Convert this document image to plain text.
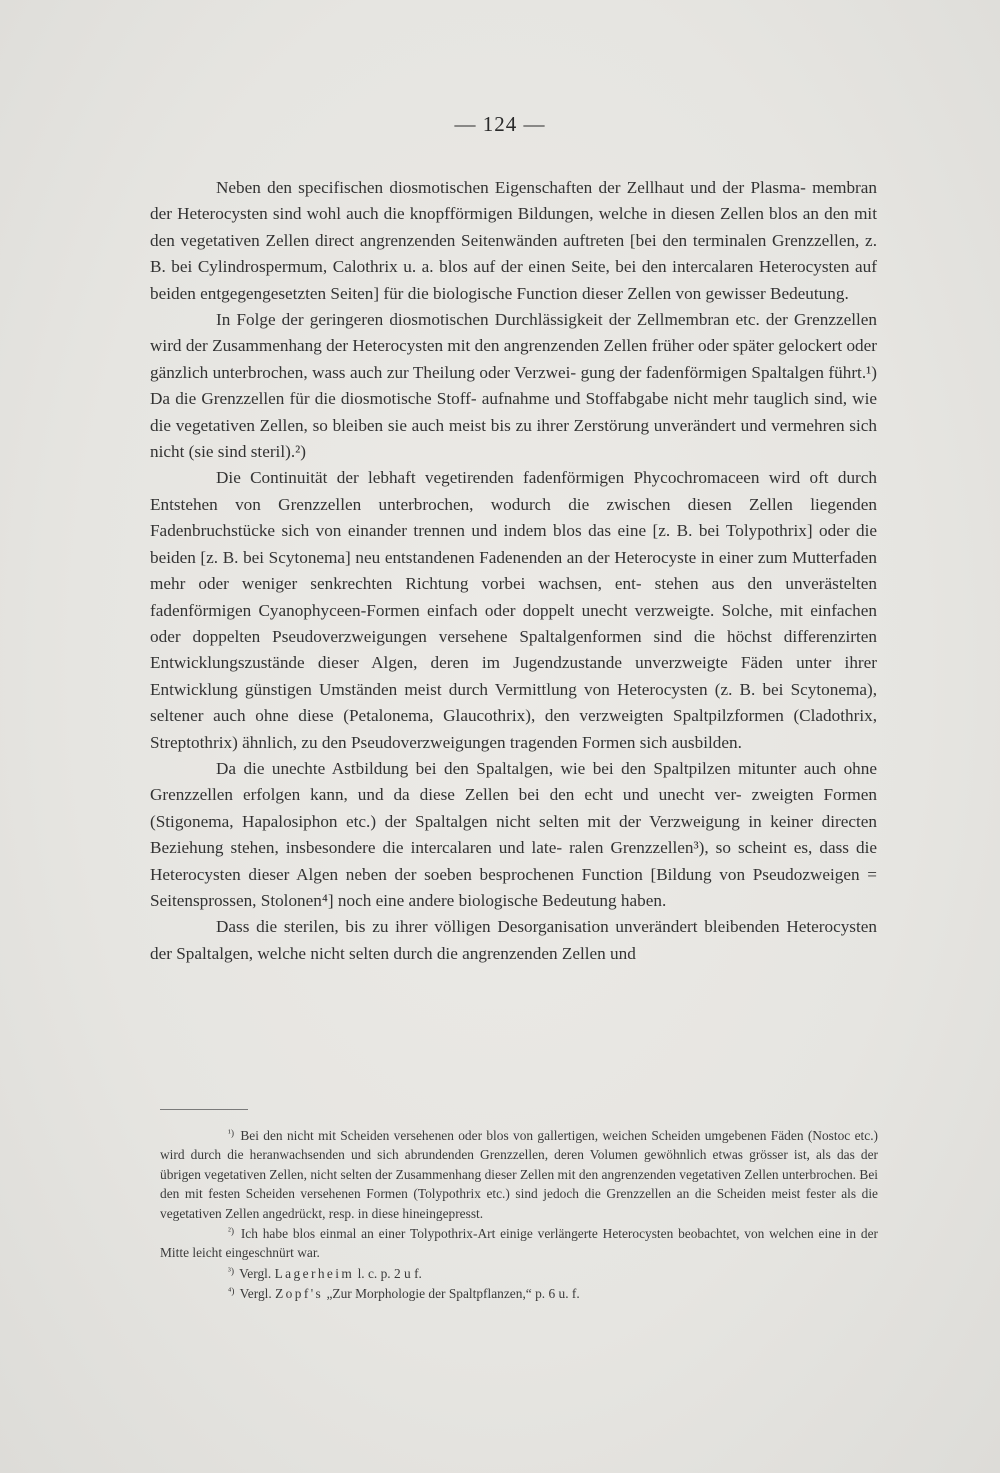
— 124 —

Neben den specifischen diosmotischen Eigenschaften der Zellhaut und der Plasma- membran der Heterocysten sind wohl auch die knopfförmigen Bildungen, welche in diesen Zellen blos an den mit den vegetativen Zellen direct angrenzenden Seitenwänden auftreten [bei den terminalen Grenzzellen, z. B. bei Cylindrospermum, Calothrix u. a. blos auf der einen Seite, bei den intercalaren Heterocysten auf beiden entgegengesetzten Seiten] für die biologische Function dieser Zellen von gewisser Bedeutung.

In Folge der geringeren diosmotischen Durchlässigkeit der Zellmembran etc. der Grenzzellen wird der Zusammenhang der Heterocysten mit den angrenzenden Zellen früher oder später gelockert oder gänzlich unterbrochen, wass auch zur Theilung oder Verzwei- gung der fadenförmigen Spaltalgen führt.¹) Da die Grenzzellen für die diosmotische Stoff- aufnahme und Stoffabgabe nicht mehr tauglich sind, wie die vegetativen Zellen, so bleiben sie auch meist bis zu ihrer Zerstörung unverändert und vermehren sich nicht (sie sind steril).²)

Die Continuität der lebhaft vegetirenden fadenförmigen Phycochromaceen wird oft durch Entstehen von Grenzzellen unterbrochen, wodurch die zwischen diesen Zellen liegenden Fadenbruchstücke sich von einander trennen und indem blos das eine [z. B. bei Tolypothrix] oder die beiden [z. B. bei Scytonema] neu entstandenen Fadenenden an der Heterocyste in einer zum Mutterfaden mehr oder weniger senkrechten Richtung vorbei wachsen, ent- stehen aus den unverästelten fadenförmigen Cyanophyceen-Formen einfach oder doppelt unecht verzweigte. Solche, mit einfachen oder doppelten Pseudoverzweigungen versehene Spaltalgenformen sind die höchst differenzirten Entwicklungszustände dieser Algen, deren im Jugendzustande unverzweigte Fäden unter ihrer Entwicklung günstigen Umständen meist durch Vermittlung von Heterocysten (z. B. bei Scytonema), seltener auch ohne diese (Petalonema, Glaucothrix), den verzweigten Spaltpilzformen (Cladothrix, Streptothrix) ähnlich, zu den Pseudoverzweigungen tragenden Formen sich ausbilden.

Da die unechte Astbildung bei den Spaltalgen, wie bei den Spaltpilzen mitunter auch ohne Grenzzellen erfolgen kann, und da diese Zellen bei den echt und unecht ver- zweigten Formen (Stigonema, Hapalosiphon etc.) der Spaltalgen nicht selten mit der Verzweigung in keiner directen Beziehung stehen, insbesondere die intercalaren und late- ralen Grenzzellen³), so scheint es, dass die Heterocysten dieser Algen neben der soeben besprochenen Function [Bildung von Pseudozweigen = Seitensprossen, Stolonen⁴] noch eine andere biologische Bedeutung haben.

Dass die sterilen, bis zu ihrer völligen Desorganisation unverändert bleibenden Heterocysten der Spaltalgen, welche nicht selten durch die angrenzenden Zellen und

$^{^1)}$ Bei den nicht mit Scheiden versehenen oder blos von gallertigen, weichen Scheiden umgebenen Fäden (Nostoc etc.) wird durch die heranwachsenden und sich abrundenden Grenzzellen, deren Volumen gewöhnlich etwas grösser ist, als das der übrigen vegetativen Zellen, nicht selten der Zusammenhang dieser Zellen mit den angrenzenden vegetativen Zellen unterbrochen. Bei den mit festen Scheiden versehenen Formen (Tolypothrix etc.) sind jedoch die Grenzzellen an die Scheiden meist fester als die vegetativen Zellen angedrückt, resp. in diese hineingepresst.

$^{^2)}$ Ich habe blos einmal an einer Tolypothrix-Art einige verlängerte Heterocysten beobachtet, von welchen eine in der Mitte leicht eingeschnürt war.

$^{^3)}$ Vergl. Lagerheim l. c. p. 2 u f.

$^{^4)}$ Vergl. Zopf's „Zur Morphologie der Spaltpflanzen,“ p. 6 u. f.
